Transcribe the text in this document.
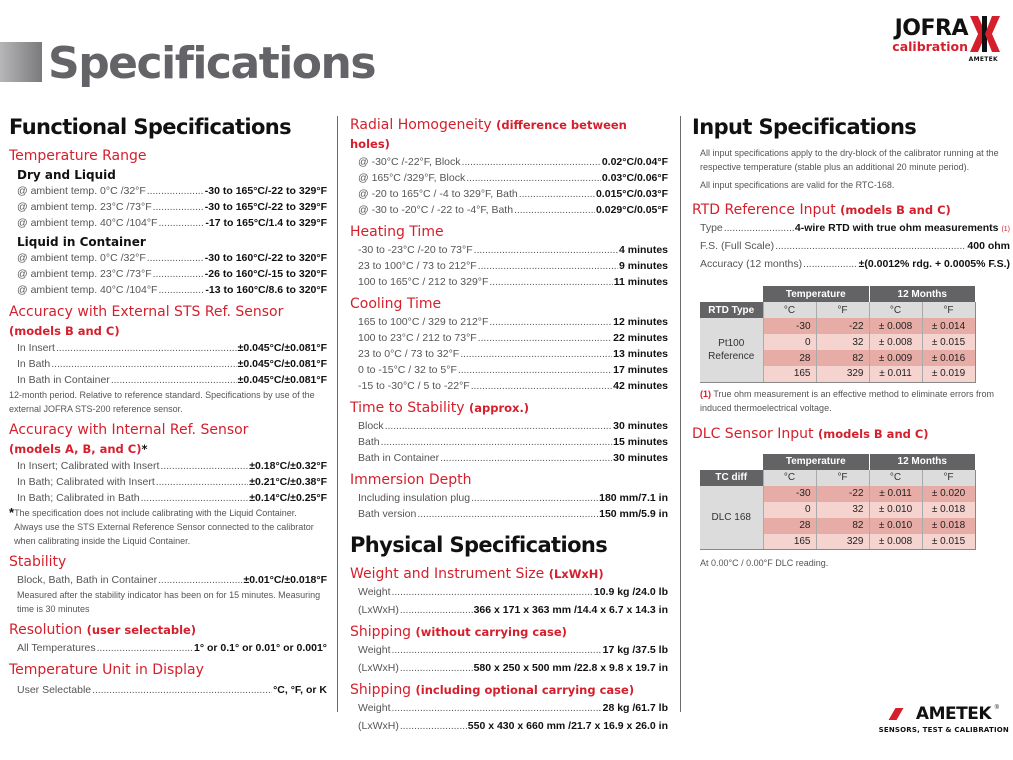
Specifications
JOFRA
calibration
AMETEK
Functional Specifications
Temperature Range
Dry and Liquid
@ ambient temp. 0°C /32°F . . .	-30 to 165°C/-22 to 329°F
@ ambient temp. 23°C /73°F . . .	-30 to 165°C/-22 to 329°F
@ ambient temp. 40°C /104°F . . .	-17 to 165°C/1.4 to 329°F
Liquid in Container
@ ambient temp. 0°C /32°F . . .	-30 to 160°C/-22 to 320°F
@ ambient temp. 23°C /73°F . . .	-26 to 160°C/-15 to 320°F
@ ambient temp. 40°C /104°F . . .	-13 to 160°C/8.6 to 320°F
Accuracy with External STS Ref. Sensor
(models B and C)
In Insert . . .	±0.045°C/±0.081°F
In Bath . . .	±0.045°C/±0.081°F
In Bath in Container . . .	±0.045°C/±0.081°F
12-month period. Relative to reference standard. Specifications by use of the external JOFRA STS-200 reference sensor.
Accuracy with Internal Ref. Sensor
(models A, B, and C)*
In Insert; Calibrated with Insert . . .	±0.18°C/±0.32°F
In Bath; Calibrated with Insert . . .	±0.21°C/±0.38°F
In Bath; Calibrated in Bath . . .	±0.14°C/±0.25°F
* The specification does not include calibrating with the Liquid Container. Always use the STS External Reference Sensor connected to the calibrator when calibrating inside the Liquid Container.
Stability
Block, Bath, Bath in Container . . .	±0.01°C/±0.018°F
Measured after the stability indicator has been on for 15 minutes. Measuring time is 30 minutes
Resolution (user selectable)
All Temperatures . . .	1° or 0.1° or 0.01° or 0.001°
Temperature Unit in Display
User Selectable . . .	°C, °F, or K
Radial Homogeneity (difference between holes)
@ -30°C /-22°F, Block . . .	0.02°C/0.04°F
@ 165°C /329°F, Block . . .	0.03°C/0.06°F
@ -20 to 165°C / -4 to 329°F, Bath . . .	0.015°C/0.03°F
@ -30 to -20°C / -22 to -4°F, Bath . . .	0.029°C/0.05°F
Heating Time
-30 to -23°C /-20 to 73°F . . .	4 minutes
23 to 100°C / 73 to 212°F . . .	9 minutes
100 to 165°C / 212 to 329°F . . .	11 minutes
Cooling Time
165 to 100°C / 329 to 212°F . . .	12 minutes
100 to 23°C / 212 to 73°F . . .	22 minutes
23 to 0°C / 73 to 32°F . . .	13 minutes
0 to -15°C / 32 to 5°F . . .	17 minutes
-15 to -30°C / 5 to -22°F . . .	42 minutes
Time to Stability (approx.)
Block . . .	30 minutes
Bath . . .	15 minutes
Bath in Container . . .	30 minutes
Immersion Depth
Including insulation plug . . .	180 mm/7.1 in
Bath version . . .	150 mm/5.9 in
Physical Specifications
Weight and Instrument Size (LxWxH)
Weight . . .	10.9 kg /24.0 lb
(LxWxH) . . .	366 x 171 x 363 mm /14.4 x 6.7 x 14.3 in
Shipping (without carrying case)
Weight . . .	17 kg /37.5 lb
(LxWxH) . . .	580 x 250 x 500 mm /22.8 x 9.8 x 19.7 in
Shipping (including optional carrying case)
Weight . . .	28 kg /61.7 lb
(LxWxH) . . .	550 x 430 x 660 mm /21.7 x 16.9 x 26.0 in
Input Specifications
All input specifications apply to the dry-block of the calibrator running at the respective temperature (stable plus an additional 20 minute period).
All input specifications are valid for the RTC-168.
RTD Reference Input (models B and C)
Type . . .	4-wire RTD with true ohm measurements
(1)
F.S. (Full Scale) . . .	400 ohm
Accuracy (12 months) . . .	±(0.0012% rdg. + 0.0005% F.S.)
	Temperature		12 Months	
RTD Type	°C	°F	°C	°F
Pt100
Reference	-30	-22	± 0.008	± 0.014
	0	32	± 0.008	± 0.015
	28	82	± 0.009	± 0.016
	165	329	± 0.011	± 0.019
(1) True ohm measurement is an effective method to eliminate errors from induced thermoelectrical voltage.
DLC Sensor Input (models B and C)
	Temperature		12 Months	
TC diff	°C	°F	°C	°F
DLC 168	-30	-22	± 0.011	± 0.020
	0	32	± 0.010	± 0.018
	28	82	± 0.010	± 0.018
	165	329	± 0.008	± 0.015
At 0.00°C / 0.00°F DLC reading.
AMETEK ®
SENSORS, TEST & CALIBRATION
